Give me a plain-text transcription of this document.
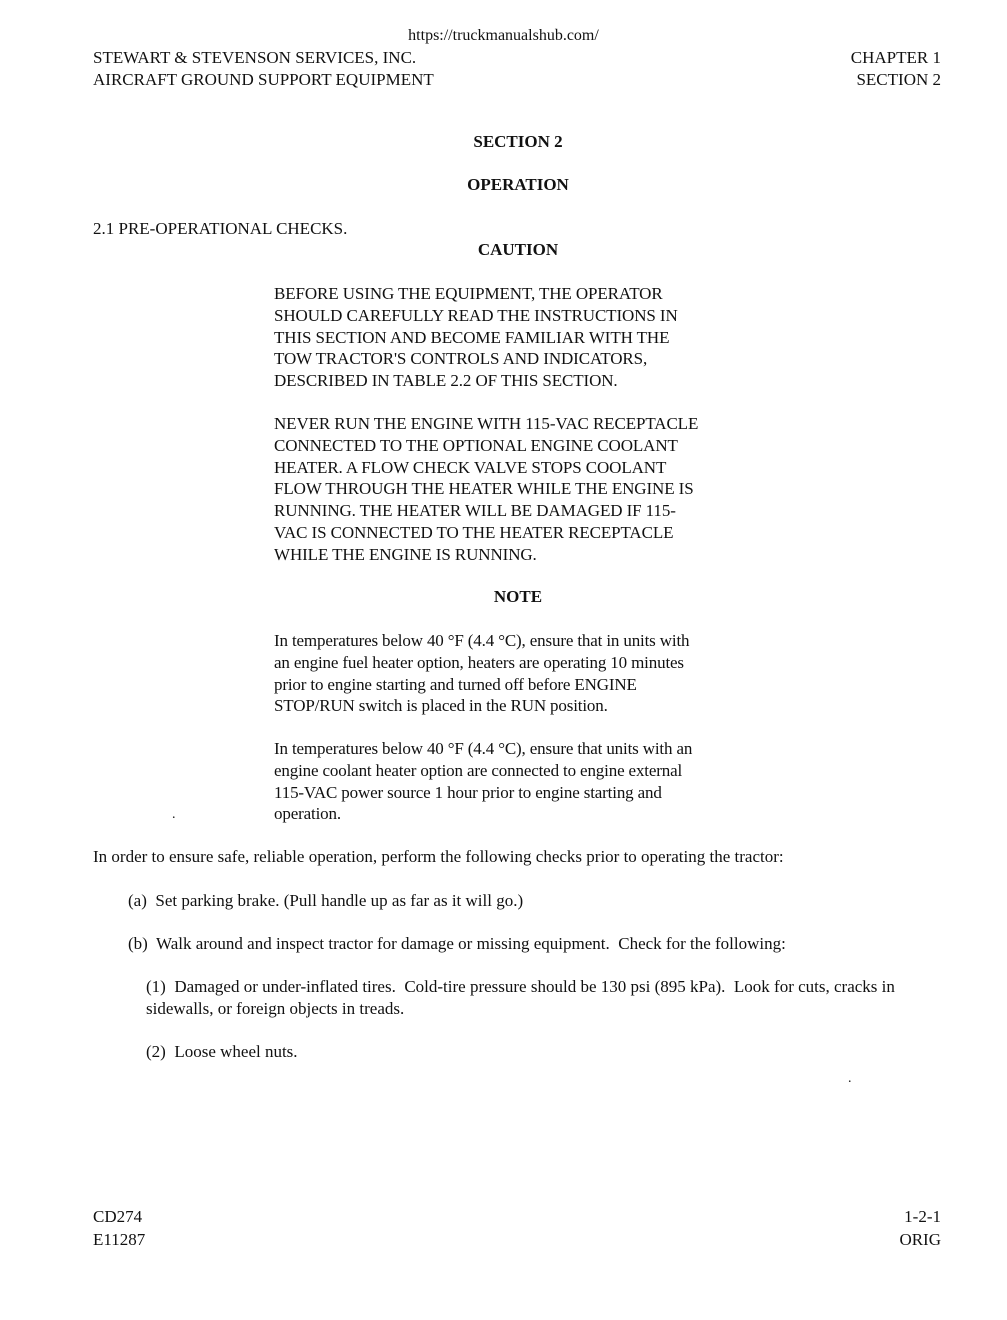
https://truckmanualshub.com/
STEWART & STEVENSON SERVICES, INC.
AIRCRAFT GROUND SUPPORT EQUIPMENT
CHAPTER 1
SECTION 2
SECTION 2
OPERATION
2.1 PRE-OPERATIONAL CHECKS.
CAUTION
BEFORE USING THE EQUIPMENT, THE OPERATOR
SHOULD CAREFULLY READ THE INSTRUCTIONS IN
THIS SECTION AND BECOME FAMILIAR WITH THE
TOW TRACTOR'S CONTROLS AND INDICATORS,
DESCRIBED IN TABLE 2.2 OF THIS SECTION.
NEVER RUN THE ENGINE WITH 115-VAC RECEPTACLE
CONNECTED TO THE OPTIONAL ENGINE COOLANT
HEATER. A FLOW CHECK VALVE STOPS COOLANT
FLOW THROUGH THE HEATER WHILE THE ENGINE IS
RUNNING. THE HEATER WILL BE DAMAGED IF 115-
VAC IS CONNECTED TO THE HEATER RECEPTACLE
WHILE THE ENGINE IS RUNNING.
NOTE
In temperatures below 40 °F (4.4 °C), ensure that in units with
an engine fuel heater option, heaters are operating 10 minutes
prior to engine starting and turned off before ENGINE
STOP/RUN switch is placed in the RUN position.
In temperatures below 40 °F (4.4 °C), ensure that units with an
engine coolant heater option are connected to engine external
115-VAC power source 1 hour prior to engine starting and
operation.
.
In order to ensure safe, reliable operation, perform the following checks prior to operating the tractor:
(a)  Set parking brake. (Pull handle up as far as it will go.)
(b)  Walk around and inspect tractor for damage or missing equipment.  Check for the following:
(1)  Damaged or under-inflated tires.  Cold-tire pressure should be 130 psi (895 kPa).  Look for cuts, cracks in sidewalls, or foreign objects in treads.
(2)  Loose wheel nuts.
.
CD274
E11287
1-2-1
ORIG
